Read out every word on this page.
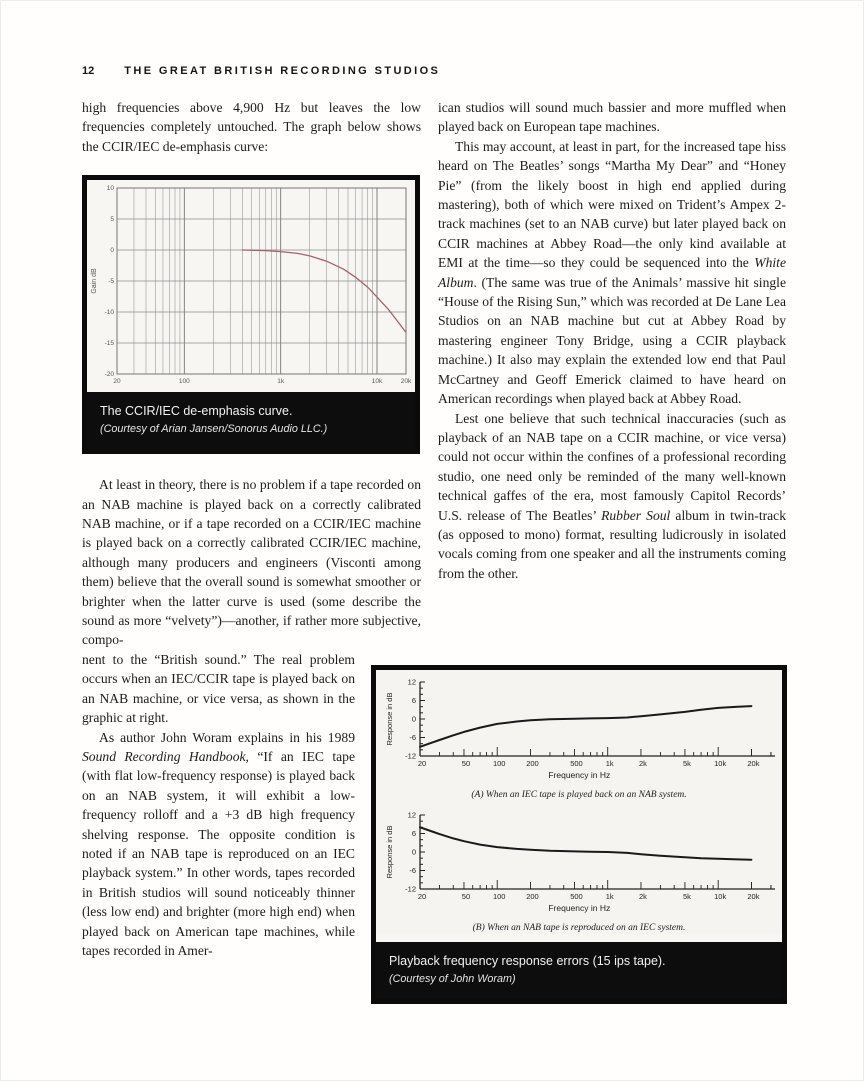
12	THE GREAT BRITISH RECORDING STUDIOS

high frequencies above 4,900 Hz but leaves the low frequencies completely untouched. The graph below shows the CCIR/IEC de-emphasis curve:

10
5
0
-5
-10
-15
-20
20	100	1k	10k	20k
Gain dB
The CCIR/IEC de-emphasis curve.
(Courtesy of Arian Jansen/Sonorus Audio LLC.)

At least in theory, there is no problem if a tape recorded on an NAB machine is played back on a correctly calibrated NAB machine, or if a tape recorded on a CCIR/IEC machine is played back on a correctly calibrated CCIR/IEC machine, although many producers and engineers (Visconti among them) believe that the overall sound is somewhat smoother or brighter when the latter curve is used (some describe the sound as more “velvety”)—another, if rather more subjective, compo-

nent to the “British sound.” The real problem occurs when an IEC/CCIR tape is played back on an NAB machine, or vice versa, as shown in the graphic at right.

As author John Woram explains in his 1989 Sound Recording Handbook, “If an IEC tape (with flat low-frequency response) is played back on an NAB system, it will exhibit a low-frequency rolloff and a +3 dB high frequency shelving response. The opposite condition is noted if an NAB tape is reproduced on an IEC playback system.” In other words, tapes recorded in British studios will sound noticeably thinner (less low end) and brighter (more high end) when played back on American tape machines, while tapes recorded in Amer-

ican studios will sound much bassier and more muffled when played back on European tape machines.

This may account, at least in part, for the increased tape hiss heard on The Beatles’ songs “Martha My Dear” and “Honey Pie” (from the likely boost in high end applied during mastering), both of which were mixed on Trident’s Ampex 2-track machines (set to an NAB curve) but later played back on CCIR machines at Abbey Road—the only kind available at EMI at the time—so they could be sequenced into the White Album. (The same was true of the Animals’ massive hit single “House of the Rising Sun,” which was recorded at De Lane Lea Studios on an NAB machine but cut at Abbey Road by mastering engineer Tony Bridge, using a CCIR playback machine.) It also may explain the extended low end that Paul McCartney and Geoff Emerick claimed to have heard on American recordings when played back at Abbey Road.

Lest one believe that such technical inaccuracies (such as playback of an NAB tape on a CCIR machine, or vice versa) could not occur within the confines of a professional recording studio, one need only be reminded of the many well-known technical gaffes of the era, most famously Capitol Records’ U.S. release of The Beatles’ Rubber Soul album in twin-track (as opposed to mono) format, resulting ludicrously in isolated vocals coming from one speaker and all the instruments coming from the other.

-12
-6
0
6
12
20	50	100	200	500	1k	2k	5k	10k	20k
Frequency in Hz
Response in dB
(A) When an IEC tape is played back on an NAB system.
-12
-6
0
6
12
20	50	100	200	500	1k	2k	5k	10k	20k
Frequency in Hz
Response in dB
(B) When an NAB tape is reproduced on an IEC system.
Playback frequency response errors (15 ips tape).
(Courtesy of John Woram)
